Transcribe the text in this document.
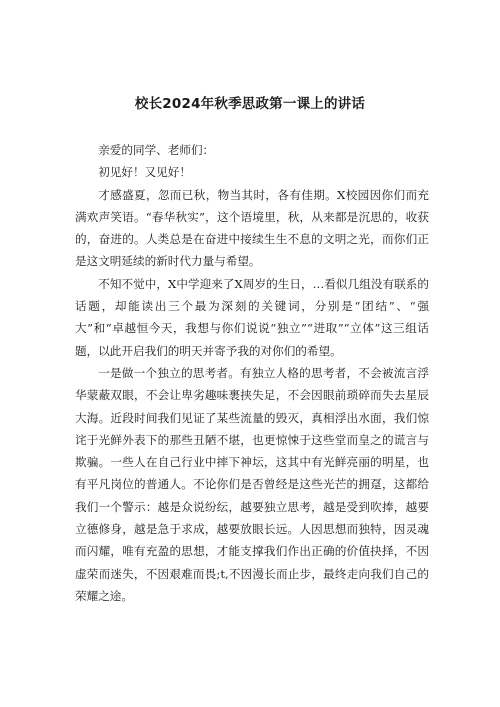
校长2024年秋季思政第一课上的讲话

亲爱的同学、老师们：

初见好！又见好！

才感盛夏，忽而已秋，物当其时，各有佳期。X校园因你们而充满欢声笑语。“春华秋实”，这个语境里，秋，从来都是沉思的，收获的，奋进的。人类总是在奋进中接续生生不息的文明之光，而你们正是这文明延续的新时代力量与希望。

不知不觉中，X中学迎来了X周岁的生日，…看似几组没有联系的话题，却能读出三个最为深刻的关键词，分别是“团结”、“强大”和“卓越恒今天，我想与你们说说“独立”“进取”“立体”这三组话题，以此开启我们的明天并寄予我的对你们的希望。

一是做一个独立的思考者。有独立人格的思考者，不会被流言浮华蒙蔽双眼，不会让卑劣趣味裹挟失足，不会因眼前琐碎而失去星辰大海。近段时间我们见证了某些流量的毁灭，真相浮出水面，我们惊诧于光鲜外表下的那些丑陋不堪，也更惊悚于这些堂而皇之的谎言与欺骗。一些人在自己行业中摔下神坛，这其中有光鲜亮丽的明星，也有平凡岗位的普通人。不论你们是否曾经是这些光芒的拥趸，这都给我们一个警示：越是众说纷纭，越要独立思考，越是受到吹捧，越要立德修身，越是急于求成，越要放眼长远。人因思想而独特，因灵魂而闪耀，唯有充盈的思想，才能支撑我们作出正确的价值抉择，不因虚荣而迷失，不因艰难而畏;t,不因漫长而止步，最终走向我们自己的荣耀之途。
